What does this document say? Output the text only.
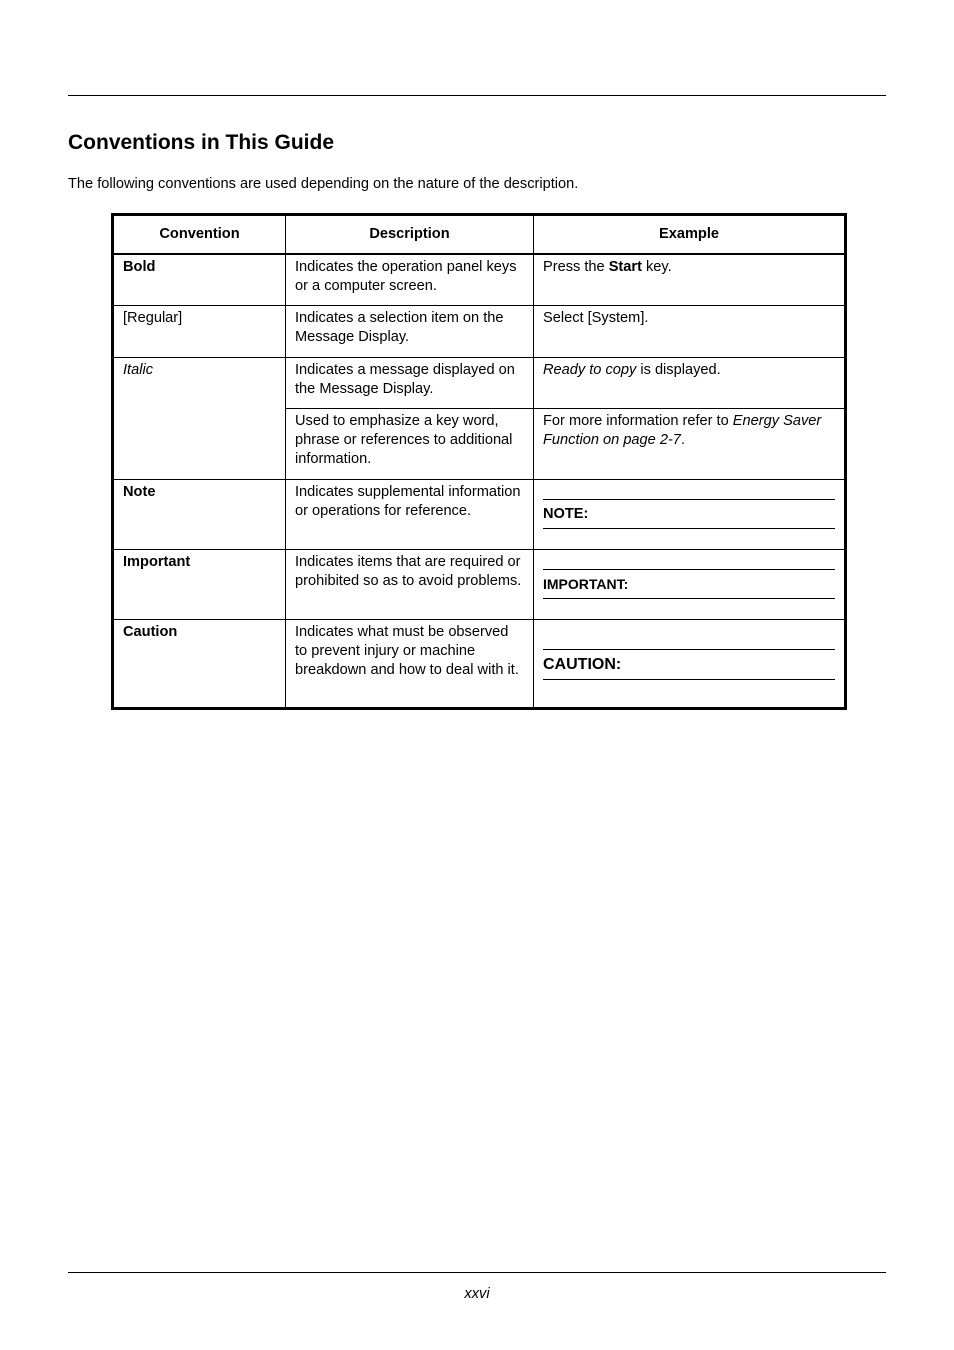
Conventions in This Guide

The following conventions are used depending on the nature of the description.

Convention	Description	Example
Bold	Indicates the operation panel keys or a computer screen.	Press the Start key.
[Regular]	Indicates a selection item on the Message Display.	Select [System].
Italic	Indicates a message displayed on the Message Display.	Ready to copy is displayed.
	Used to emphasize a key word, phrase or references to additional information.	For more information refer to Energy Saver Function on page 2-7.
Note	Indicates supplemental information or operations for reference.	NOTE:

Important	Indicates items that are required or prohibited so as to avoid problems.	IMPORTANT:

Caution	Indicates what must be observed to prevent injury or machine breakdown and how to deal with it.	CAUTION:
xxvi
